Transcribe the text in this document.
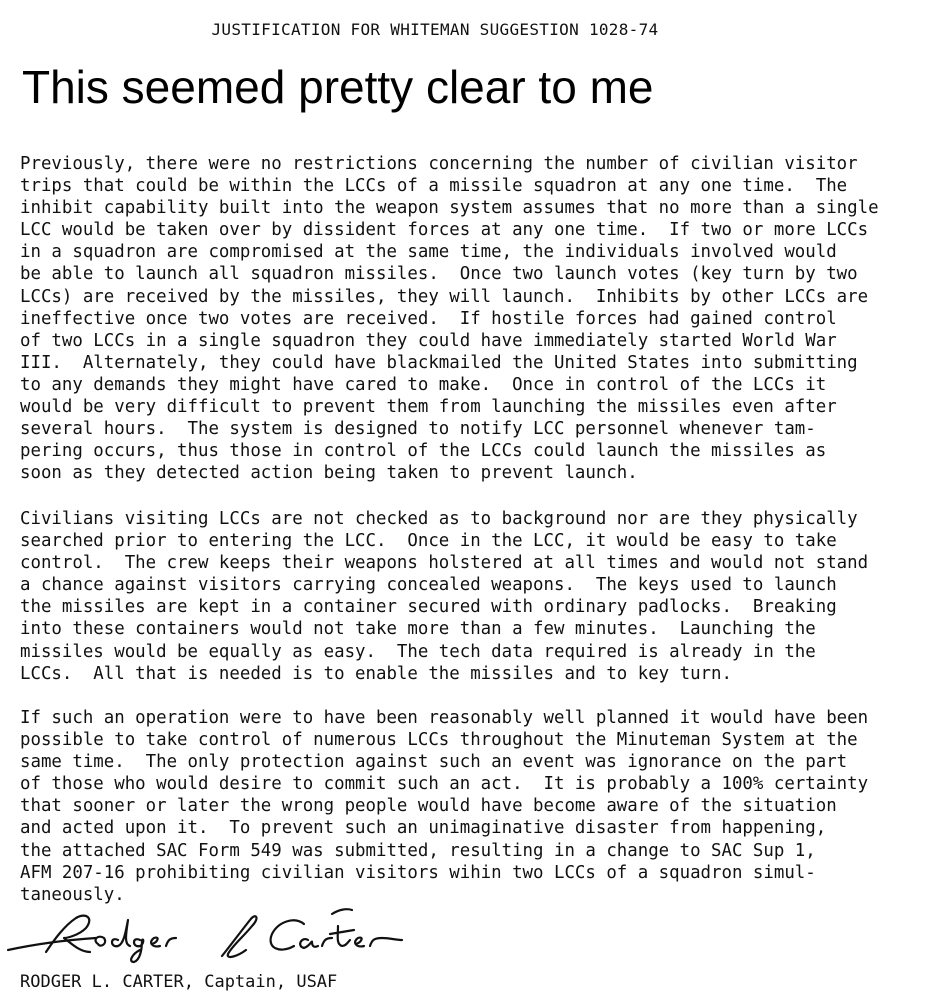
JUSTIFICATION FOR WHITEMAN SUGGESTION 1028-74
This seemed pretty clear to me
Previously, there were no restrictions concerning the number of civilian visitor
trips that could be within the LCCs of a missile squadron at any one time.  The
inhibit capability built into the weapon system assumes that no more than a single
LCC would be taken over by dissident forces at any one time.  If two or more LCCs
in a squadron are compromised at the same time, the individuals involved would
be able to launch all squadron missiles.  Once two launch votes (key turn by two
LCCs) are received by the missiles, they will launch.  Inhibits by other LCCs are
ineffective once two votes are received.  If hostile forces had gained control
of two LCCs in a single squadron they could have immediately started World War
III.  Alternately, they could have blackmailed the United States into submitting
to any demands they might have cared to make.  Once in control of the LCCs it
would be very difficult to prevent them from launching the missiles even after
several hours.  The system is designed to notify LCC personnel whenever tam-
pering occurs, thus those in control of the LCCs could launch the missiles as
soon as they detected action being taken to prevent launch.
Civilians visiting LCCs are not checked as to background nor are they physically
searched prior to entering the LCC.  Once in the LCC, it would be easy to take
control.  The crew keeps their weapons holstered at all times and would not stand
a chance against visitors carrying concealed weapons.  The keys used to launch
the missiles are kept in a container secured with ordinary padlocks.  Breaking
into these containers would not take more than a few minutes.  Launching the
missiles would be equally as easy.  The tech data required is already in the
LCCs.  All that is needed is to enable the missiles and to key turn.
If such an operation were to have been reasonably well planned it would have been
possible to take control of numerous LCCs throughout the Minuteman System at the
same time.  The only protection against such an event was ignorance on the part
of those who would desire to commit such an act.  It is probably a 100% certainty
that sooner or later the wrong people would have become aware of the situation
and acted upon it.  To prevent such an unimaginative disaster from happening,
the attached SAC Form 549 was submitted, resulting in a change to SAC Sup 1,
AFM 207-16 prohibiting civilian visitors wihin two LCCs of a squadron simul-
taneously.
RODGER L. CARTER, Captain, USAF
